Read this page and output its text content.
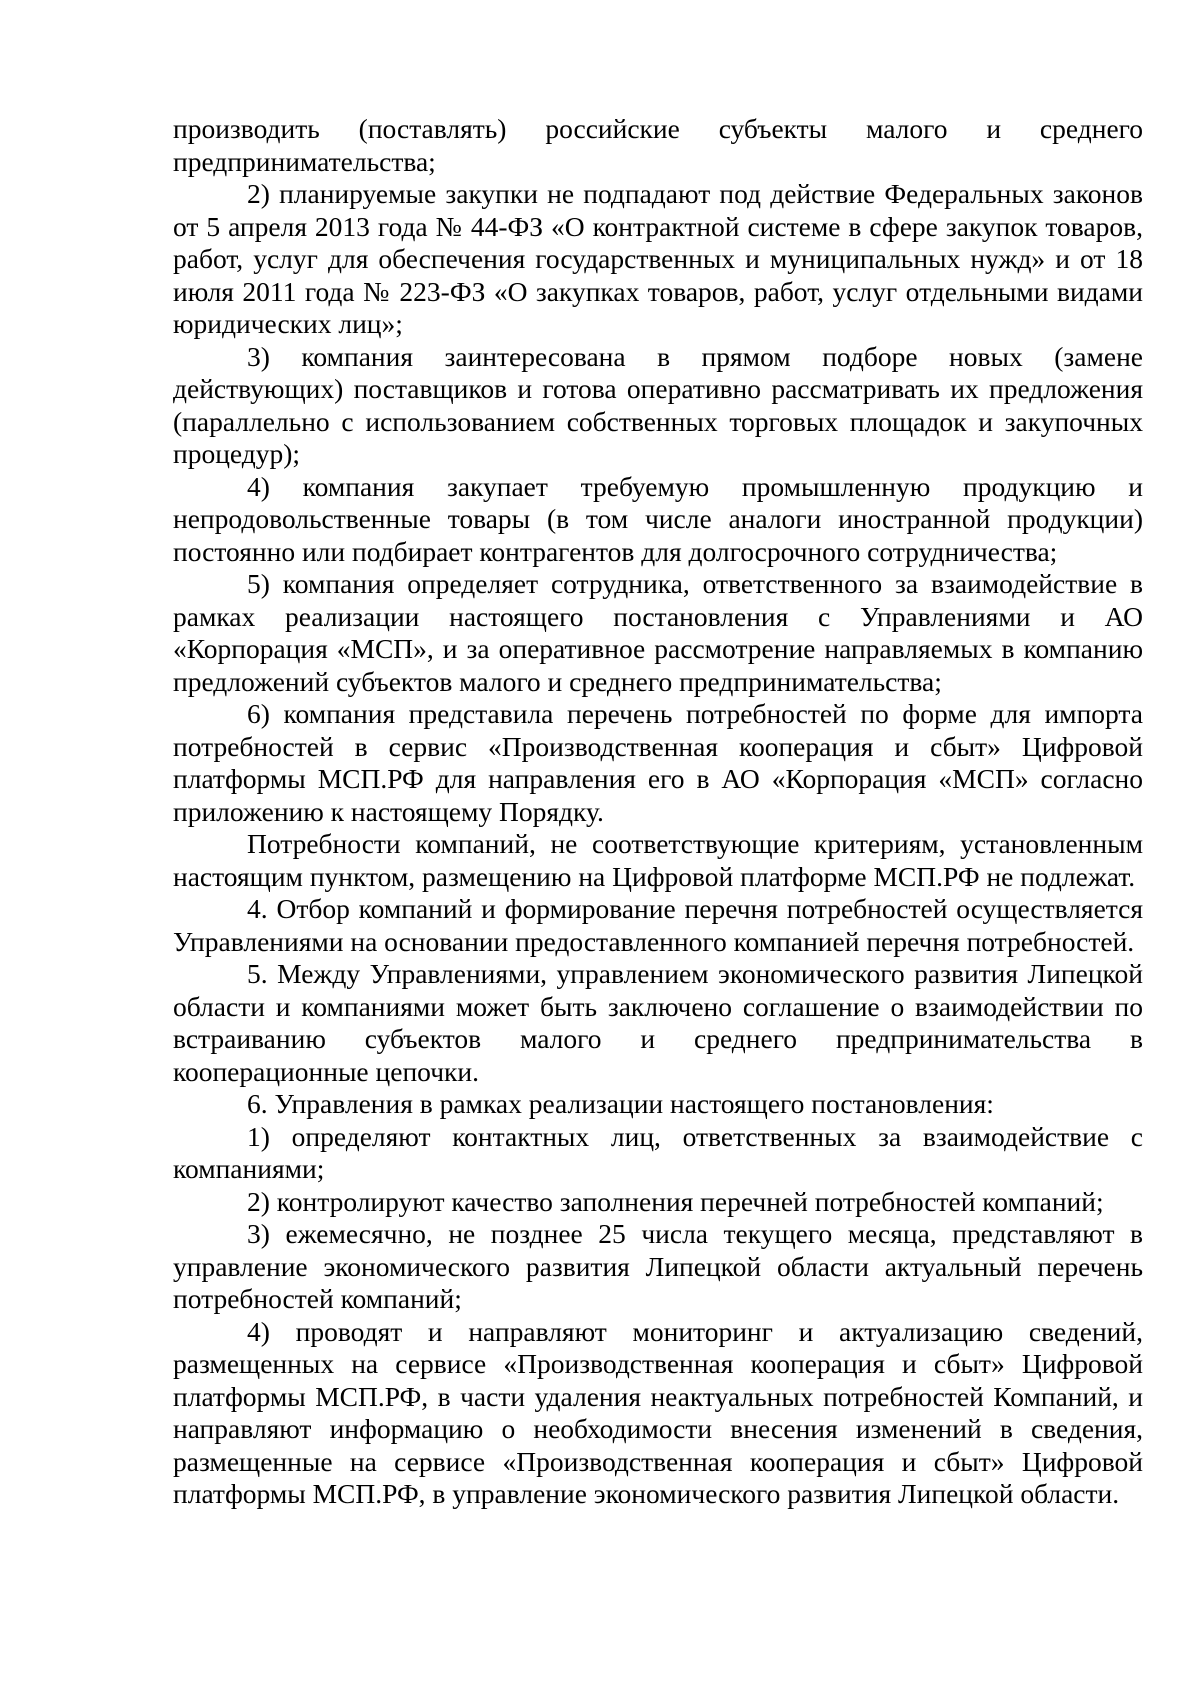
производить (поставлять) российские субъекты малого и среднего предпринимательства;

2) планируемые закупки не подпадают под действие Федеральных законов от 5 апреля 2013 года № 44-ФЗ «О контрактной системе в сфере закупок товаров, работ, услуг для обеспечения государственных и муниципальных нужд» и от 18 июля 2011 года № 223-ФЗ «О закупках товаров, работ, услуг отдельными видами юридических лиц»;

3) компания заинтересована в прямом подборе новых (замене действующих) поставщиков и готова оперативно рассматривать их предложения (параллельно с использованием собственных торговых площадок и закупочных процедур);

4) компания закупает требуемую промышленную продукцию и непродовольственные товары (в том числе аналоги иностранной продукции) постоянно или подбирает контрагентов для долгосрочного сотрудничества;

5) компания определяет сотрудника, ответственного за взаимодействие в рамках реализации настоящего постановления с Управлениями и АО «Корпорация «МСП», и за оперативное рассмотрение направляемых в компанию предложений субъектов малого и среднего предпринимательства;

6) компания представила перечень потребностей по форме для импорта потребностей в сервис «Производственная кооперация и сбыт» Цифровой платформы МСП.РФ для направления его в АО «Корпорация «МСП» согласно приложению к настоящему Порядку.

Потребности компаний, не соответствующие критериям, установленным настоящим пунктом, размещению на Цифровой платформе МСП.РФ не подлежат.

4. Отбор компаний и формирование перечня потребностей осуществляется Управлениями на основании предоставленного компанией перечня потребностей.

5. Между Управлениями, управлением экономического развития Липецкой области и компаниями может быть заключено соглашение о взаимодействии по встраиванию субъектов малого и среднего предпринимательства в кооперационные цепочки.

6. Управления в рамках реализации настоящего постановления:

1) определяют контактных лиц, ответственных за взаимодействие с компаниями;

2) контролируют качество заполнения перечней потребностей компаний;

3) ежемесячно, не позднее 25 числа текущего месяца, представляют в управление экономического развития Липецкой области актуальный перечень потребностей компаний;

4) проводят и направляют мониторинг и актуализацию сведений, размещенных на сервисе «Производственная кооперация и сбыт» Цифровой платформы МСП.РФ, в части удаления неактуальных потребностей Компаний, и направляют информацию о необходимости внесения изменений в сведения, размещенные на сервисе «Производственная кооперация и сбыт» Цифровой платформы МСП.РФ, в управление экономического развития Липецкой области.
